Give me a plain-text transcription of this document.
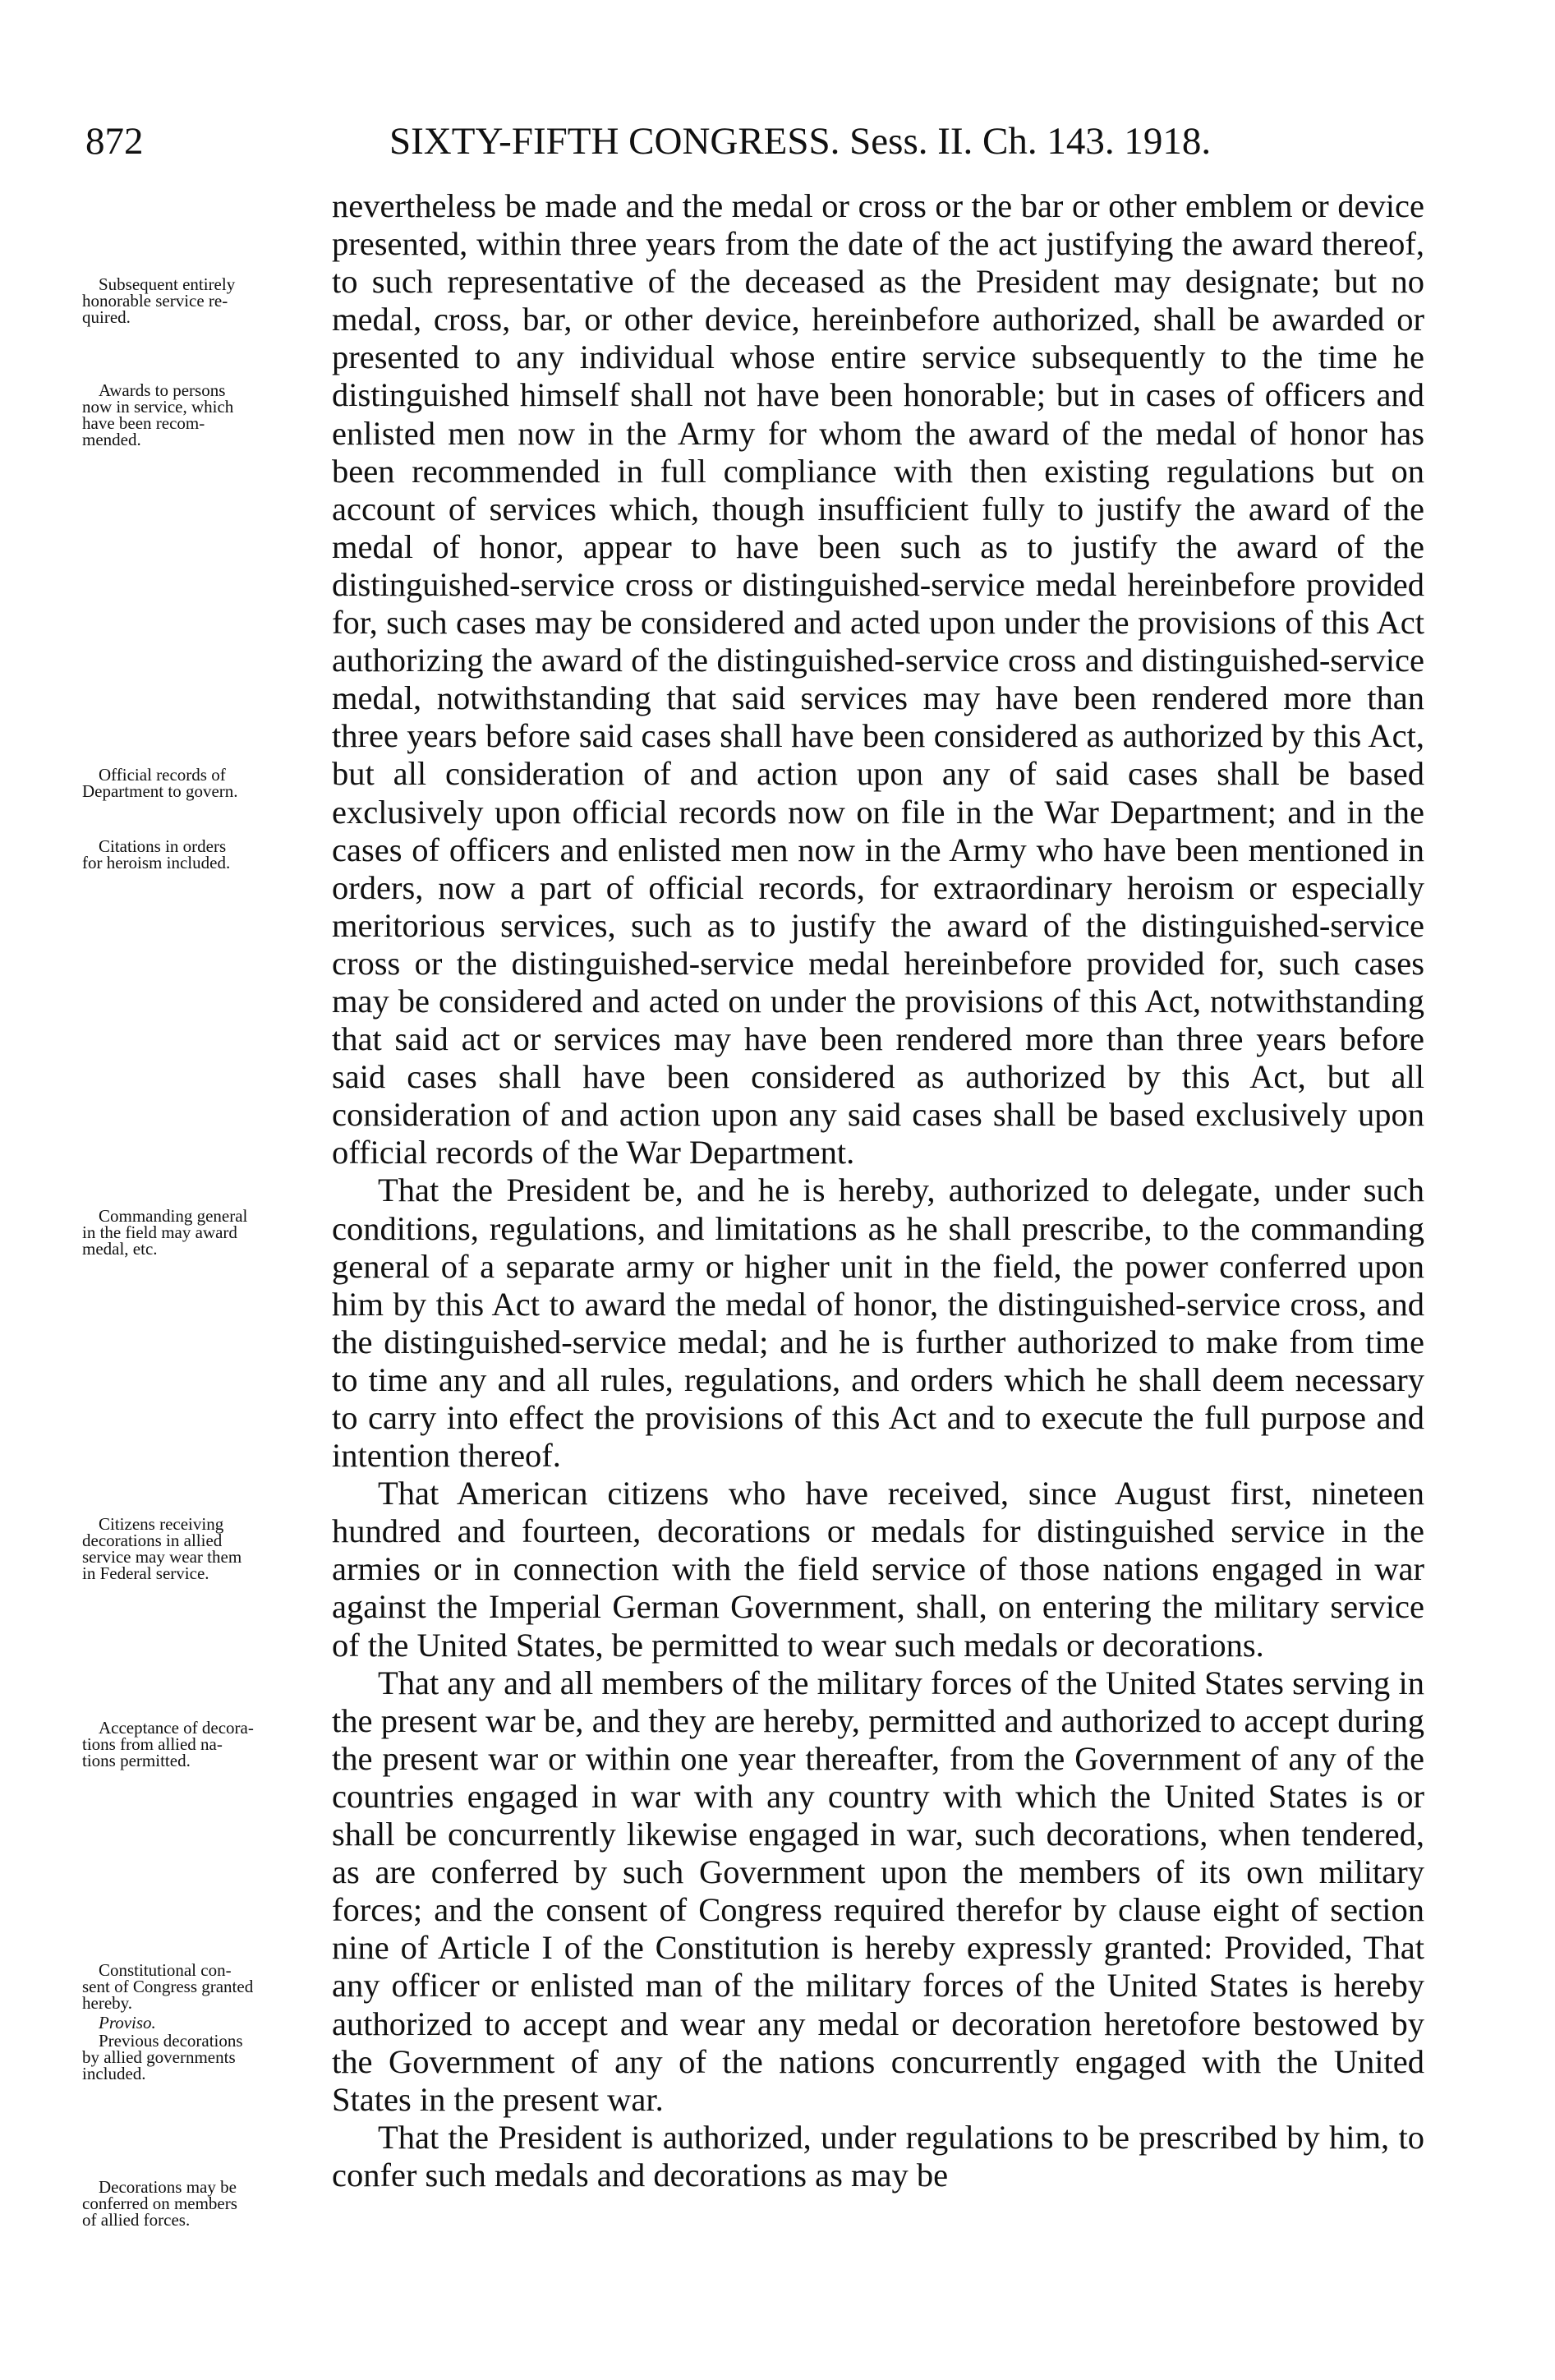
872	SIXTY-FIFTH CONGRESS. Sess. II. Ch. 143. 1918.
Subsequent entirely
honorable service re-
quired.
Awards to persons
now in service, which
have been recom-
mended.
Official records of
Department to govern.
Citations in orders
for heroism included.
Commanding general
in the field may award
medal, etc.
Citizens receiving
decorations in allied
service may wear them
in Federal service.
Acceptance of decora-
tions from allied na-
tions permitted.
Constitutional con-
sent of Congress granted
hereby.
Proviso.
Previous decorations
by allied governments
included.
Decorations may be
conferred on members
of allied forces.

nevertheless be made and the medal or cross or the bar or other emblem or device presented, within three years from the date of the act justifying the award thereof, to such representative of the deceased as the President may designate; but no medal, cross, bar, or other device, hereinbefore authorized, shall be awarded or presented to any individual whose entire service subsequently to the time he distinguished himself shall not have been honorable; but in cases of officers and enlisted men now in the Army for whom the award of the medal of honor has been recommended in full compliance with then existing regulations but on account of services which, though insufficient fully to justify the award of the medal of honor, appear to have been such as to justify the award of the distinguished-service cross or distinguished-service medal hereinbefore provided for, such cases may be considered and acted upon under the provisions of this Act authorizing the award of the distinguished-service cross and distinguished-service medal, notwithstanding that said services may have been rendered more than three years before said cases shall have been considered as authorized by this Act, but all consideration of and action upon any of said cases shall be based exclusively upon official records now on file in the War Department; and in the cases of officers and enlisted men now in the Army who have been mentioned in orders, now a part of official records, for extraordinary heroism or especially meritorious services, such as to justify the award of the distinguished-service cross or the distinguished-service medal hereinbefore provided for, such cases may be considered and acted on under the provisions of this Act, notwithstanding that said act or services may have been rendered more than three years before said cases shall have been considered as authorized by this Act, but all consideration of and action upon any said cases shall be based exclusively upon official records of the War Department.

That the President be, and he is hereby, authorized to delegate, under such conditions, regulations, and limitations as he shall prescribe, to the commanding general of a separate army or higher unit in the field, the power conferred upon him by this Act to award the medal of honor, the distinguished-service cross, and the distinguished-service medal; and he is further authorized to make from time to time any and all rules, regulations, and orders which he shall deem necessary to carry into effect the provisions of this Act and to execute the full purpose and intention thereof.

That American citizens who have received, since August first, nineteen hundred and fourteen, decorations or medals for distinguished service in the armies or in connection with the field service of those nations engaged in war against the Imperial German Government, shall, on entering the military service of the United States, be permitted to wear such medals or decorations.

That any and all members of the military forces of the United States serving in the present war be, and they are hereby, permitted and authorized to accept during the present war or within one year thereafter, from the Government of any of the countries engaged in war with any country with which the United States is or shall be concurrently likewise engaged in war, such decorations, when tendered, as are conferred by such Government upon the members of its own military forces; and the consent of Congress required therefor by clause eight of section nine of Article I of the Constitution is hereby expressly granted: Provided, That any officer or enlisted man of the military forces of the United States is hereby authorized to accept and wear any medal or decoration heretofore bestowed by the Government of any of the nations concurrently engaged with the United States in the present war.

That the President is authorized, under regulations to be prescribed by him, to confer such medals and decorations as may be
